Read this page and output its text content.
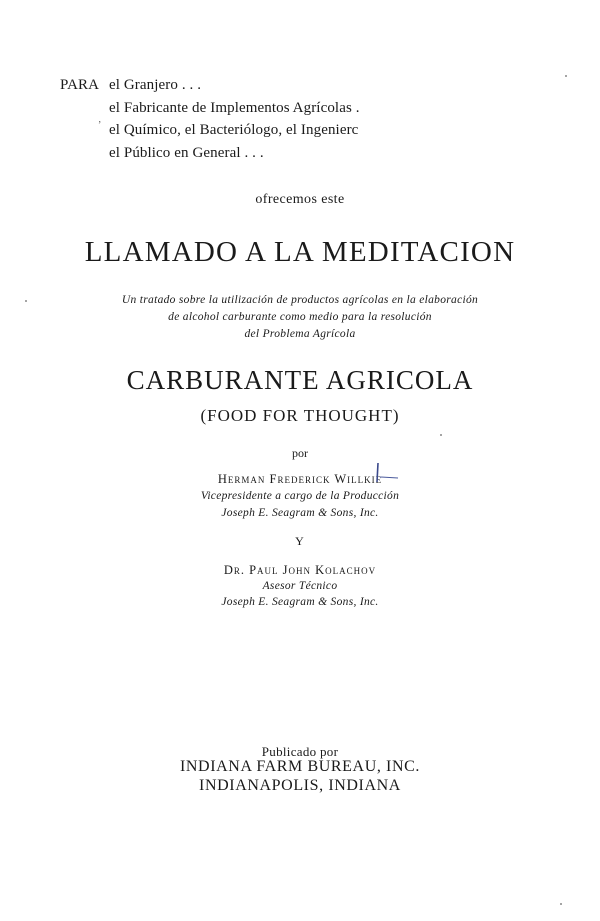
PARA el Granjero . . .
el Fabricante de Implementos Agrícolas .
’ el Químico, el Bacteriólogo, el Ingenierc
el Público en General . . .
ofrecemos este
LLAMADO A LA MEDITACION
Un tratado sobre la utilización de productos agrícolas en la elaboración
de alcohol carburante como medio para la resolución
del Problema Agrícola
CARBURANTE AGRICOLA
(FOOD FOR THOUGHT)
por
Herman Frederick Willkie
Vicepresidente a cargo de la Producción
Joseph E. Seagram & Sons, Inc.
Y
Dr. Paul John Kolachov
Asesor Técnico
Joseph E. Seagram & Sons, Inc.
Publicado por
INDIANA FARM BUREAU, INC.
INDIANAPOLIS, INDIANA
